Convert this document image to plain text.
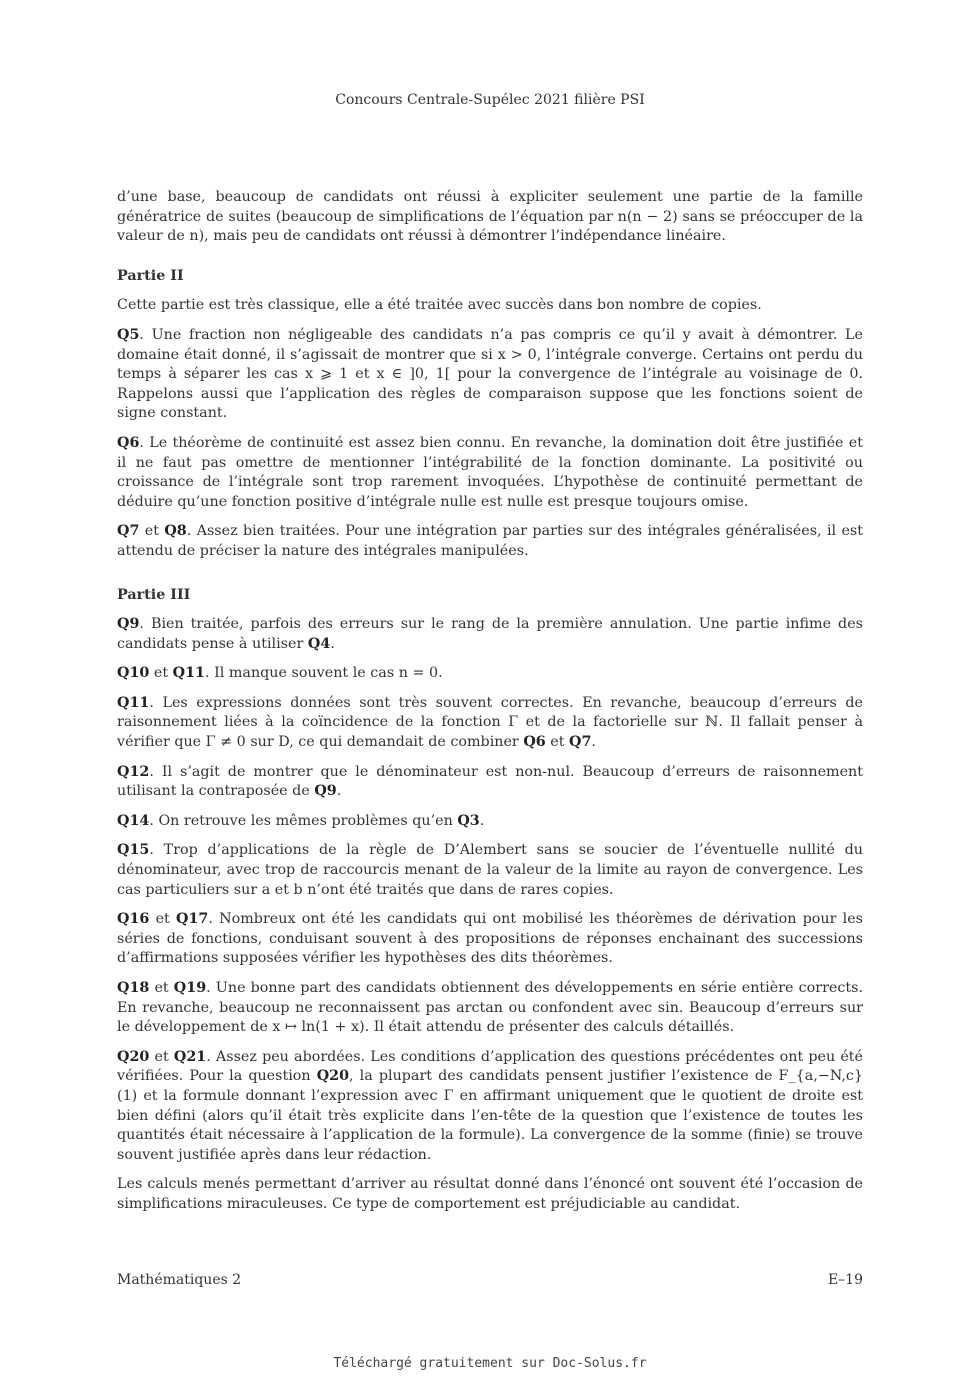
Concours Centrale-Supélec 2021 filière PSI

d’une base, beaucoup de candidats ont réussi à expliciter seulement une partie de la famille génératrice de suites (beaucoup de simplifications de l’équation par n(n − 2) sans se préoccuper de la valeur de n), mais peu de candidats ont réussi à démontrer l’indépendance linéaire.

Partie II

Cette partie est très classique, elle a été traitée avec succès dans bon nombre de copies.

Q5. Une fraction non négligeable des candidats n’a pas compris ce qu’il y avait à démontrer. Le domaine était donné, il s’agissait de montrer que si x > 0, l’intégrale converge. Certains ont perdu du temps à séparer les cas x ⩾ 1 et x ∈ ]0, 1[ pour la convergence de l’intégrale au voisinage de 0. Rappelons aussi que l’application des règles de comparaison suppose que les fonctions soient de signe constant.

Q6. Le théorème de continuité est assez bien connu. En revanche, la domination doit être justifiée et il ne faut pas omettre de mentionner l’intégrabilité de la fonction dominante. La positivité ou croissance de l’intégrale sont trop rarement invoquées. L’hypothèse de continuité permettant de déduire qu’une fonction positive d’intégrale nulle est nulle est presque toujours omise.

Q7 et Q8. Assez bien traitées. Pour une intégration par parties sur des intégrales généralisées, il est attendu de préciser la nature des intégrales manipulées.

Partie III

Q9. Bien traitée, parfois des erreurs sur le rang de la première annulation. Une partie infime des candidats pense à utiliser Q4.

Q10 et Q11. Il manque souvent le cas n = 0.

Q11. Les expressions données sont très souvent correctes. En revanche, beaucoup d’erreurs de raisonnement liées à la coïncidence de la fonction Γ et de la factorielle sur ℕ. Il fallait penser à vérifier que Γ ≠ 0 sur D, ce qui demandait de combiner Q6 et Q7.

Q12. Il s’agit de montrer que le dénominateur est non-nul. Beaucoup d’erreurs de raisonnement utilisant la contraposée de Q9.

Q14. On retrouve les mêmes problèmes qu’en Q3.

Q15. Trop d’applications de la règle de D’Alembert sans se soucier de l’éventuelle nullité du dénominateur, avec trop de raccourcis menant de la valeur de la limite au rayon de convergence. Les cas particuliers sur a et b n’ont été traités que dans de rares copies.

Q16 et Q17. Nombreux ont été les candidats qui ont mobilisé les théorèmes de dérivation pour les séries de fonctions, conduisant souvent à des propositions de réponses enchainant des successions d’affirmations supposées vérifier les hypothèses des dits théorèmes.

Q18 et Q19. Une bonne part des candidats obtiennent des développements en série entière corrects. En revanche, beaucoup ne reconnaissent pas arctan ou confondent avec sin. Beaucoup d’erreurs sur le développement de x ↦ ln(1 + x). Il était attendu de présenter des calculs détaillés.

Q20 et Q21. Assez peu abordées. Les conditions d’application des questions précédentes ont peu été vérifiées. Pour la question Q20, la plupart des candidats pensent justifier l’existence de F_{a,−N,c}(1) et la formule donnant l’expression avec Γ en affirmant uniquement que le quotient de droite est bien défini (alors qu’il était très explicite dans l’en-tête de la question que l’existence de toutes les quantités était nécessaire à l’application de la formule). La convergence de la somme (finie) se trouve souvent justifiée après dans leur rédaction.

Les calculs menés permettant d’arriver au résultat donné dans l’énoncé ont souvent été l’occasion de simplifications miraculeuses. Ce type de comportement est préjudiciable au candidat.

Mathématiques 2	E–19
Téléchargé gratuitement sur Doc-Solus.fr
